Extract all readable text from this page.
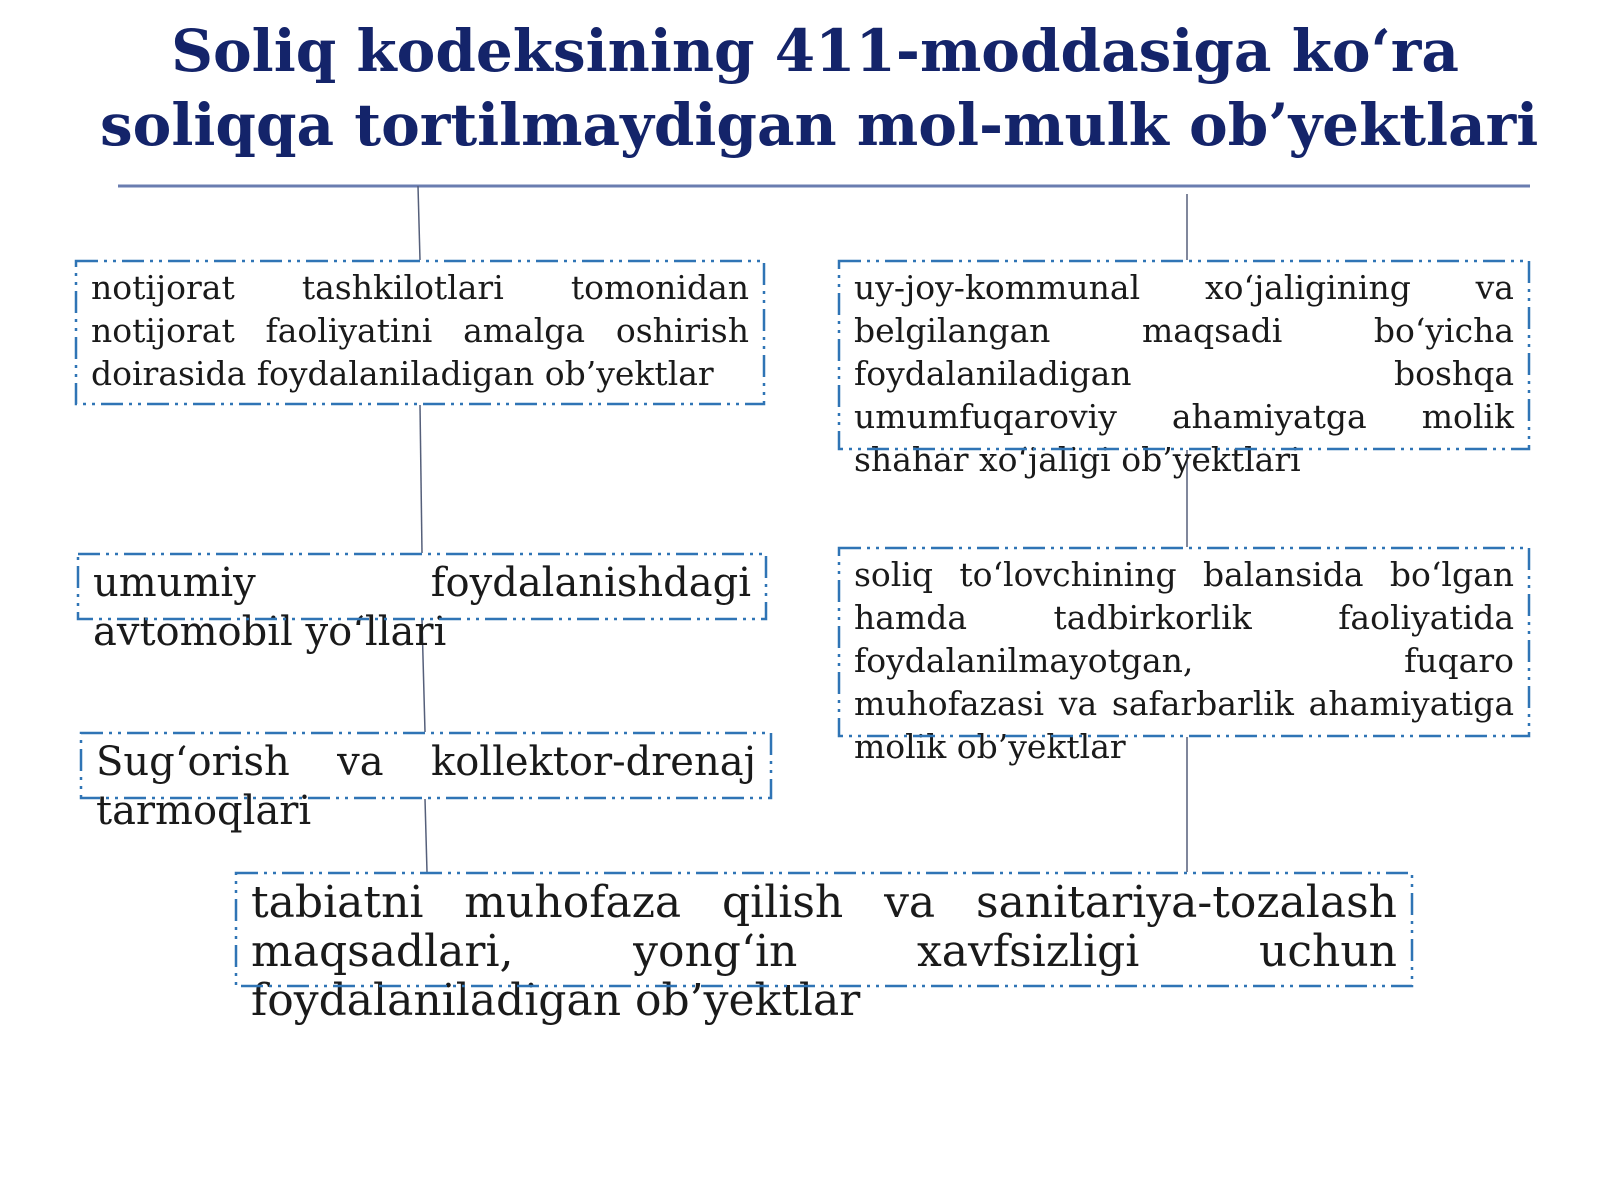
Soliq kodeksining 411-moddasiga ko‘ra
soliqqa tortilmaydigan mol-mulk ob’yektlari
notijorat tashkilotlari tomonidan notijorat faoliyatini amalga oshirish doirasida foydalaniladigan ob’yektlar
uy-joy-kommunal xo‘jaligining va belgilangan maqsadi bo‘yicha foydalaniladigan boshqa umumfuqaroviy ahamiyatga molik shahar xo‘jaligi ob’yektlari
umumiy foydalanishdagi avtomobil yo‘llari
soliq to‘lovchining balansida bo‘lgan hamda tadbirkorlik faoliyatida foydalanilmayotgan, fuqaro muhofazasi va safarbarlik ahamiyatiga molik ob’yektlar
Sug‘orish va kollektor-drenaj tarmoqlari
tabiatni muhofaza qilish va sanitariya-tozalash maqsadlari, yong‘in xavfsizligi uchun foydalaniladigan ob’yektlar
